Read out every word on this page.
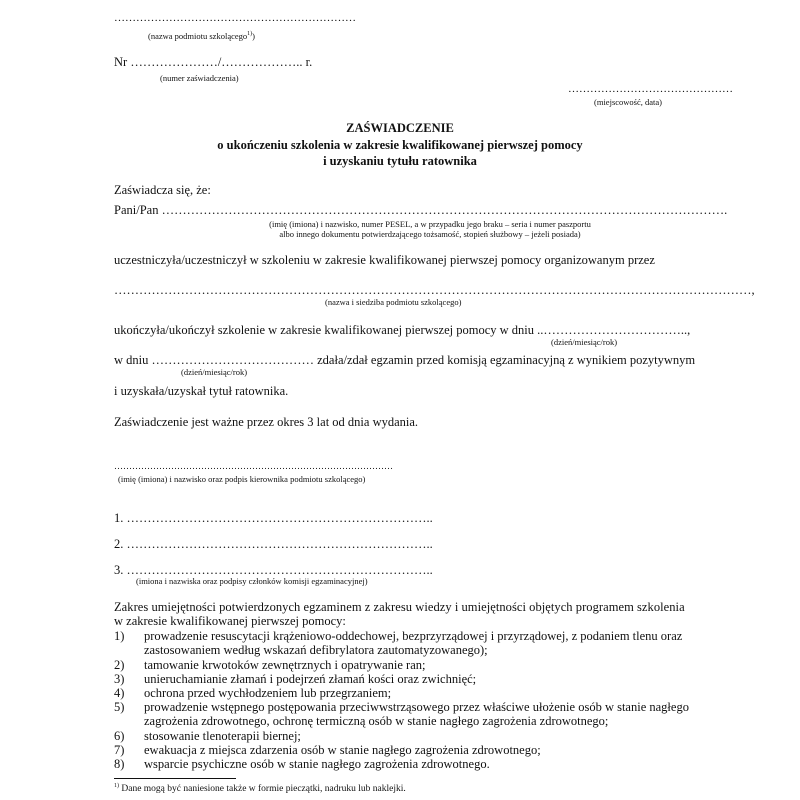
…………………………………………………………
(nazwa podmiotu szkolącego$^{1)}$)
Nr …………………/……………….. r.
(numer zaświadczenia)
………………………………………
(miejscowość, data)
ZAŚWIADCZENIE
o ukończeniu szkolenia w zakresie kwalifikowanej pierwszej pomocy
i uzyskaniu tytułu ratownika
Zaświadcza się, że:
Pani/Pan ……………………………………………………………………………………………………………………….
(imię (imiona) i nazwisko, numer PESEL, a w przypadku jego braku – seria i numer paszportu
albo innego dokumentu potwierdzającego tożsamość, stopień służbowy – jeżeli posiada)
uczestniczyła/uczestniczył w szkoleniu w zakresie kwalifikowanej pierwszej pomocy organizowanym przez
………………………………………………………………………………………………………………………………………,
(nazwa i siedziba podmiotu szkolącego)
ukończyła/ukończył szkolenie w zakresie kwalifikowanej pierwszej pomocy w dniu ..……………………………..,
(dzień/miesiąc/rok)
w dniu ………………………………… zdała/zdał egzamin przed komisją egzaminacyjną z wynikiem pozytywnym
(dzień/miesiąc/rok)
i uzyskała/uzyskał tytuł ratownika.
Zaświadczenie jest ważne przez okres 3 lat od dnia wydania.
…………………………………………………………………………………
(imię (imiona) i nazwisko oraz podpis kierownika podmiotu szkolącego)
1. ………………………………………………………………..
2. ………………………………………………………………..
3. ………………………………………………………………..
(imiona i nazwiska oraz podpisy członków komisji egzaminacyjnej)
Zakres umiejętności potwierdzonych egzaminem z zakresu wiedzy i umiejętności objętych programem szkolenia
w zakresie kwalifikowanej pierwszej pomocy:
1) prowadzenie resuscytacji krążeniowo-oddechowej, bezprzyrządowej i przyrządowej, z podaniem tlenu oraz
zastosowaniem według wskazań defibrylatora zautomatyzowanego);
2) tamowanie krwotoków zewnętrznych i opatrywanie ran;
3) unieruchamianie złamań i podejrzeń złamań kości oraz zwichnięć;
4) ochrona przed wychłodzeniem lub przegrzaniem;
5) prowadzenie wstępnego postępowania przeciwwstrząsowego przez właściwe ułożenie osób w stanie nagłego
zagrożenia zdrowotnego, ochronę termiczną osób w stanie nagłego zagrożenia zdrowotnego;
6) stosowanie tlenoterapii biernej;
7) ewakuacja z miejsca zdarzenia osób w stanie nagłego zagrożenia zdrowotnego;
8) wsparcie psychiczne osób w stanie nagłego zagrożenia zdrowotnego.
$^{1)}$ Dane mogą być naniesione także w formie pieczątki, nadruku lub naklejki.
